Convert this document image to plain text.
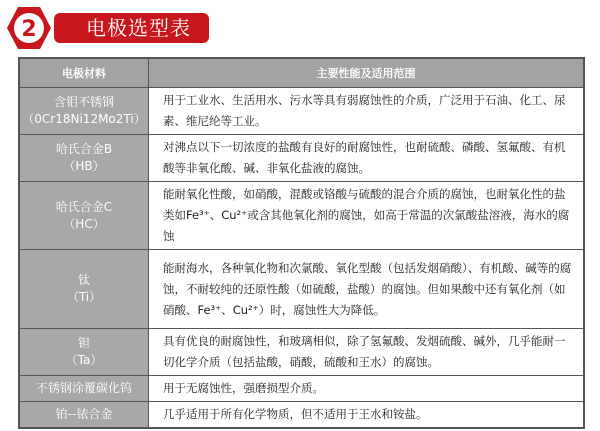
2	电极选型表
电极材料	主要性能及适用范围

含钼不锈钢
（0Cr18Ni12Mo2Ti）	用于工业水、生活用水、污水等具有弱腐蚀性的介质，广泛用于石油、化工、尿素、维尼纶等工业。

哈氏合金B
（HB）	对沸点以下一切浓度的盐酸有良好的耐腐蚀性，也耐硫酸、磷酸、氢氟酸、有机酸等非氧化酸、碱、非氧化盐液的腐蚀。

哈氏合金C
（HC）	能耐氧化性酸，如硝酸，混酸或铬酸与硫酸的混合介质的腐蚀，也耐氧化性的盐类如Fe³⁺、Cu²⁺或含其他氧化剂的腐蚀，如高于常温的次氯酸盐溶液，海水的腐蚀

钛
（Ti）	能耐海水，各种氧化物和次氯酸、氧化型酸（包括发烟硝酸）、有机酸、碱等的腐蚀，不耐较纯的还原性酸（如硫酸，盐酸）的腐蚀。但如果酸中还有氧化剂（如硝酸、Fe³⁺、Cu²⁺）时，腐蚀性大为降低。

钽
（Ta）	具有优良的耐腐蚀性，和玻璃相似，除了氢氟酸、发烟硫酸、碱外，几乎能耐一切化学介质（包括盐酸，硝酸，硫酸和王水）的腐蚀。

不锈钢涂覆碳化钨	用于无腐蚀性，强磨损型介质。

铂--铱合金	几乎适用于所有化学物质，但不适用于王水和铵盐。
